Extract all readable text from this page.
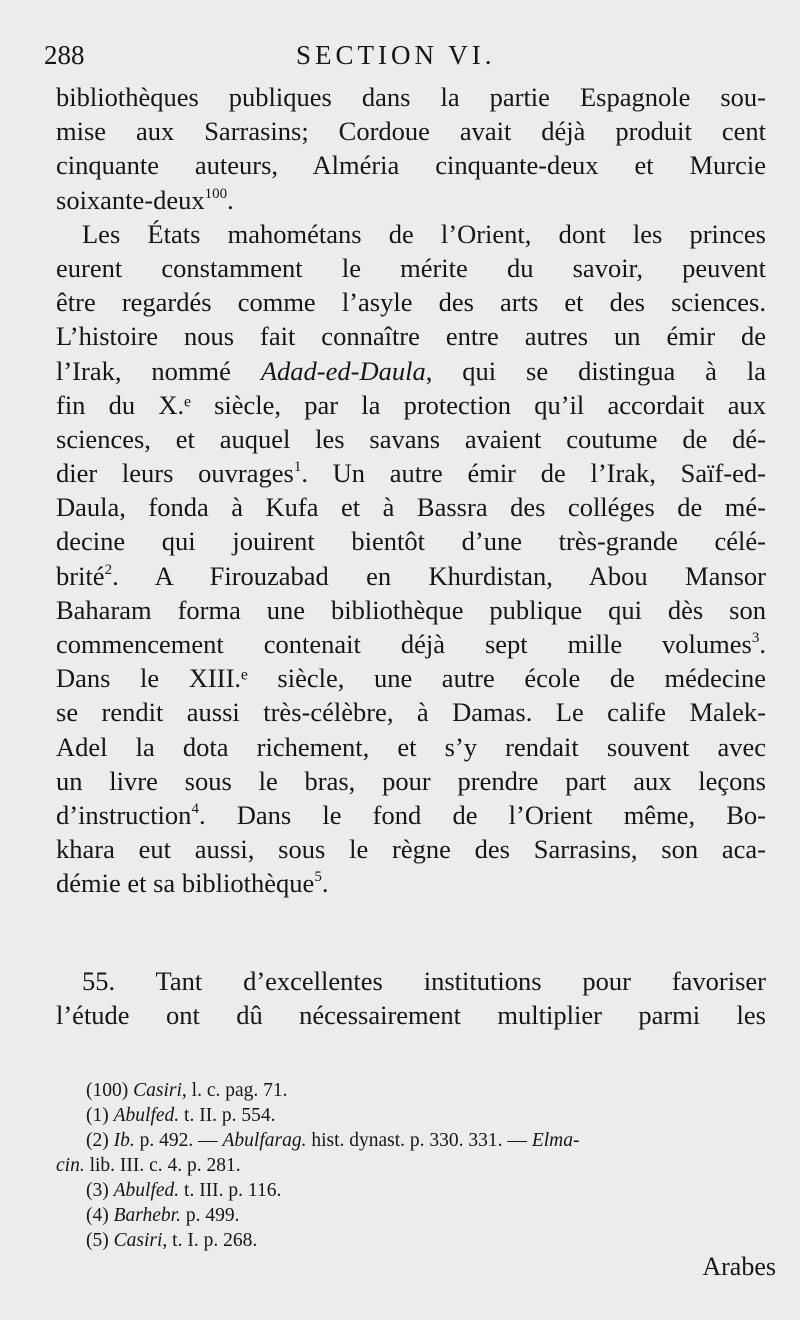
288	SECTION VI.
bibliothèques publiques dans la partie Espagnole sou-
mise aux Sarrasins; Cordoue avait déjà produit cent
cinquante auteurs, Alméria cinquante-deux et Murcie
soixante-deux$^{100}$.
Les États mahométans de l’Orient, dont les princes
eurent constamment le mérite du savoir, peuvent
être regardés comme l’asyle des arts et des sciences.
L’histoire nous fait connaître entre autres un émir de
l’Irak, nommé Adad-ed-Daula, qui se distingua à la
fin du X.ᵉ siècle, par la protection qu’il accordait aux
sciences, et auquel les savans avaient coutume de dé-
dier leurs ouvrages$^1$. Un autre émir de l’Irak, Saïf-ed-
Daula, fonda à Kufa et à Bassra des colléges de mé-
decine qui jouirent bientôt d’une très-grande célé-
brité$^2$. A Firouzabad en Khurdistan, Abou Mansor
Baharam forma une bibliothèque publique qui dès son
commencement contenait déjà sept mille volumes$^3$.
Dans le XIII.ᵉ siècle, une autre école de médecine
se rendit aussi très-célèbre, à Damas. Le calife Malek-
Adel la dota richement, et s’y rendait souvent avec
un livre sous le bras, pour prendre part aux leçons
d’instruction$^4$. Dans le fond de l’Orient même, Bo-
khara eut aussi, sous le règne des Sarrasins, son aca-
démie et sa bibliothèque$^5$.
55. Tant d’excellentes institutions pour favoriser
l’étude ont dû nécessairement multiplier parmi les
(100) Casiri, l. c. pag. 71.
(1) Abulfed. t. II. p. 554.
(2) Ib. p. 492. — Abulfarag. hist. dynast. p. 330. 331. — Elma-
cin. lib. III. c. 4. p. 281.
(3) Abulfed. t. III. p. 116.
(4) Barhebr. p. 499.
(5) Casiri, t. I. p. 268.
Arabes
